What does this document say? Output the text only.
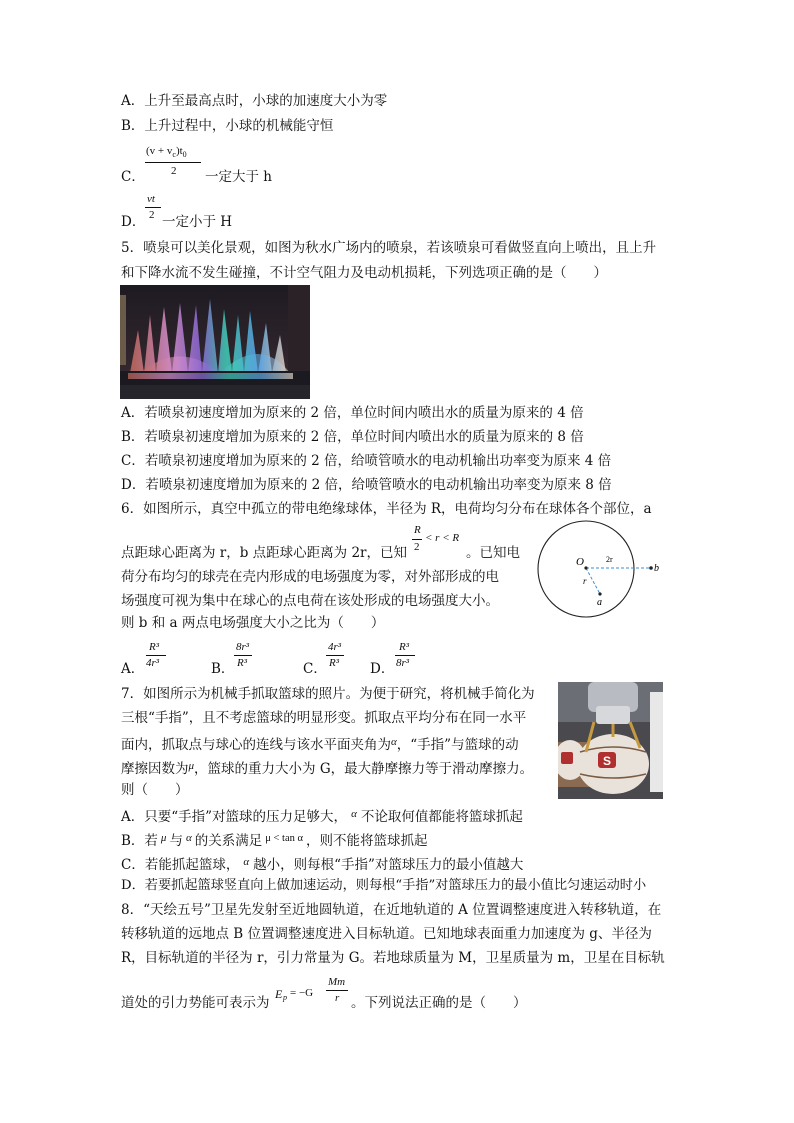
A．上升至最高点时，小球的加速度大小为零
B．上升过程中，小球的机械能守恒
C．
$(v + v_c)t_0$
2 一定大于 h
D．
vt
2 一定小于 H
5．喷泉可以美化景观，如图为秋水广场内的喷泉，若该喷泉可看做竖直向上喷出，且上升
和下降水流不发生碰撞，不计空气阻力及电动机损耗，下列选项正确的是（　　）
A．若喷泉初速度增加为原来的 2 倍，单位时间内喷出水的质量为原来的 4 倍
B．若喷泉初速度增加为原来的 2 倍，单位时间内喷出水的质量为原来的 8 倍
C．若喷泉初速度增加为原来的 2 倍，给喷管喷水的电动机输出功率变为原来 4 倍
D．若喷泉初速度增加为原来的 2 倍，给喷管喷水的电动机输出功率变为原来 8 倍
6．如图所示，真空中孤立的带电绝缘球体，半径为 R，电荷均匀分布在球体各个部位，a
点距球心距离为 r，b 点距球心距离为 2r，已知
R
2
< r < R
。已知电
荷分布均匀的球壳在壳内形成的电场强度为零，对外部形成的电
场强度可视为集中在球心的点电荷在该处形成的电场强度大小。
则 b 和 a 两点电场强度大小之比为（　　）
O	2r
b
r
a
A．
R³
4r³	B．
8r³
R³	C．
4r³
R³ D．
R³
8r³
7．如图所示为机械手抓取篮球的照片。为便于研究，将机械手简化为
三根“手指”，且不考虑篮球的明显形变。抓取点平均分布在同一水平
面内，抓取点与球心的连线与该水平面夹角为$^\alpha$，“手指”与篮球的动
摩擦因数为$^\mu$，篮球的重力大小为 G，最大静摩擦力等于滑动摩擦力。
则（　　）
S
A．只要“手指”对篮球的压力足够大， $^\alpha$ 不论取何值都能将篮球抓起
B．若 $^\mu$ 与 $^\alpha$ 的关系满足 $^{\mu < tan \alpha}$ ，则不能将篮球抓起
C．若能抓起篮球， $^\alpha$ 越小，则每根“手指”对篮球压力的最小值越大
D．若要抓起篮球竖直向上做加速运动，则每根“手指”对篮球压力的最小值比匀速运动时小
8．“天绘五号”卫星先发射至近地圆轨道，在近地轨道的 A 位置调整速度进入转移轨道，在
转移轨道的远地点 B 位置调整速度进入目标轨道。已知地球表面重力加速度为 g、半径为
R，目标轨道的半径为 r，引力常量为 G。若地球质量为 M，卫星质量为 m，卫星在目标轨
道处的引力势能可表示为
E p = −G
Mm
r 。下列说法正确的是（　　）
